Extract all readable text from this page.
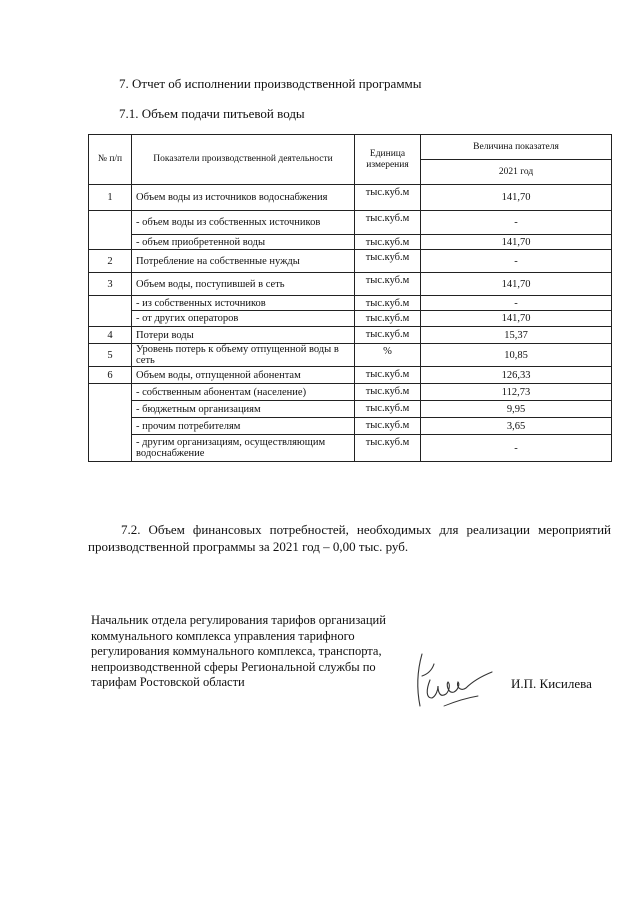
7. Отчет об исполнении производственной программы
7.1. Объем подачи питьевой воды
№ п/п	Показатели производственной деятельности	Единица измерения	Величина показателя
			2021 год
1	Объем воды из источников водоснабжения	тыс.куб.м	141,70
	- объем воды из собственных источников	тыс.куб.м	-
	- объем приобретенной воды	тыс.куб.м	141,70
2	Потребление на собственные нужды	тыс.куб.м	-
3	Объем воды, поступившей в сеть	тыс.куб.м	141,70
	- из собственных источников	тыс.куб.м	-
	- от других операторов	тыс.куб.м	141,70
4	Потери воды	тыс.куб.м	15,37
5	Уровень потерь к объему отпущенной воды в сеть	%	10,85
6	Объем воды, отпущенной абонентам	тыс.куб.м	126,33
	- собственным абонентам (население)	тыс.куб.м	112,73
	- бюджетным организациям	тыс.куб.м	9,95
	- прочим потребителям	тыс.куб.м	3,65
	- другим организациям, осуществляющим водоснабжение	тыс.куб.м	-
7.2. Объем финансовых потребностей, необходимых для реализации мероприятий производственной программы за 2021 год – 0,00 тыс. руб.
Начальник отдела регулирования тарифов организаций коммунального комплекса управления тарифного регулирования коммунального комплекса, транспорта, непроизводственной сферы Региональной службы по тарифам Ростовской области	И.П. Кисилева
